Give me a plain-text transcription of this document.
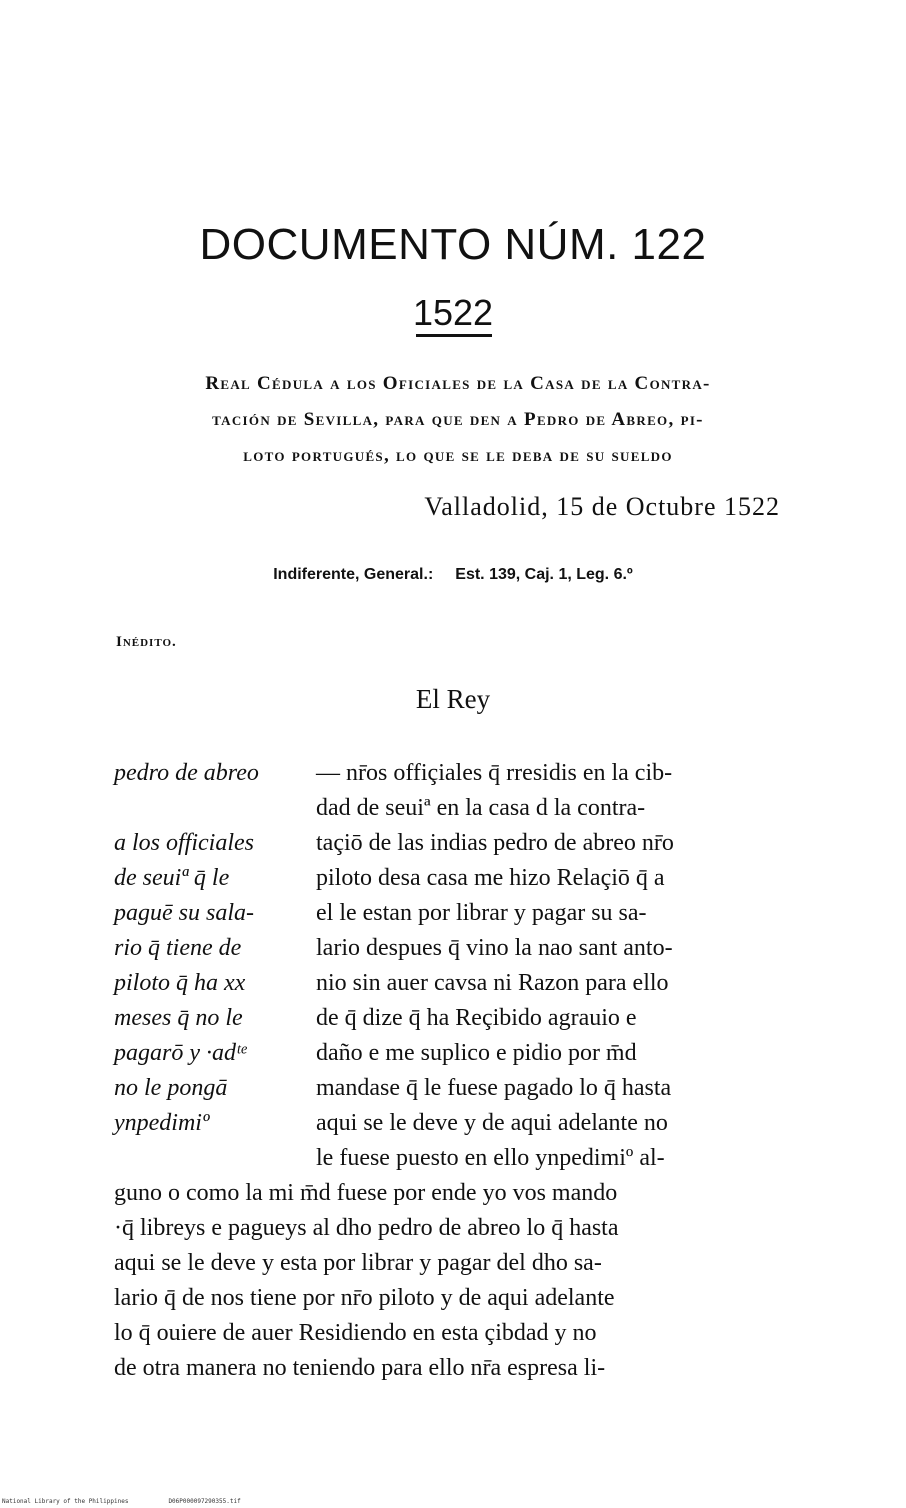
DOCUMENTO NÚM. 122
1522
Real Cédula a los Oficiales de la Casa de la Contra-
tación de Sevilla, para que den a Pedro de Abreo, pi-
loto portugués, lo que se le deba de su sueldo
Valladolid, 15 de Octubre 1522
Indiferente, General.: Est. 139, Caj. 1, Leg. 6.º
Inédito.
El Rey
pedro de abreo
a los officiales
de seuiª q̄ le
paguē su sala-
rio q̄ tiene de
piloto q̄ ha xx
meses q̄ no le
pagarō y ·adᵗᵉ
no le pongā
ynpedimiº
— nr̄os offiçiales q̄ rresidis en la cib-
dad de seuiª en la casa d la contra-
taçiō de las indias pedro de abreo nr̄o
piloto desa casa me hizo Relaçiō q̄ a
el le estan por librar y pagar su sa-
lario despues q̄ vino la nao sant anto-
nio sin auer cavsa ni Razon para ello
de q̄ dize q̄ ha Reçibido agrauio e
daño e me suplico e pidio por m̄d
mandase q̄ le fuese pagado lo q̄ hasta
aqui se le deve y de aqui adelante no
le fuese puesto en ello ynpedimiº al-
guno o como la mi m̄d fuese por ende yo vos mando
·q̄ libreys e pagueys al dho pedro de abreo lo q̄ hasta
aqui se le deve y esta por librar y pagar del dho sa-
lario q̄ de nos tiene por nr̄o piloto y de aqui adelante
lo q̄ ouiere de auer Residiendo en esta çibdad y no
de otra manera no teniendo para ello nr̄a espresa li-
National Library of the Philippines	D06P000097290355.tif
